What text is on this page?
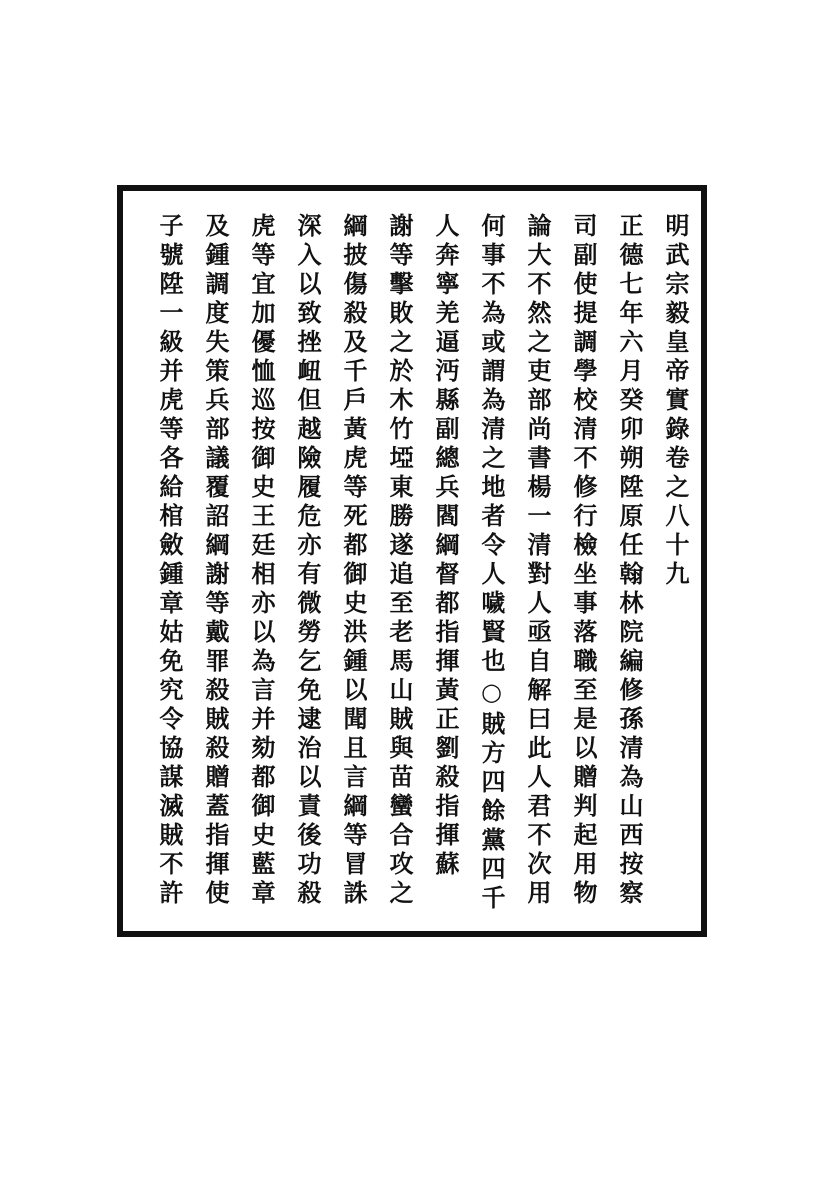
明武宗毅皇帝實錄卷之八十九

正德七年六月癸卯朔陞原任翰林院編修孫清為山西按察

司副使提調學校清不修行檢坐事落職至是以贈判起用物

論大不然之吏部尚書楊一清對人亟自解曰此人君不次用

何事不為或謂為清之地者令人噦賢也○賊方四餘黨四千

人奔寧羌逼沔縣副總兵閻綱督都指揮黃正劉殺指揮蘇

謝等擊敗之於木竹埡東勝遂追至老馬山賊與苗蠻合攻之

綱披傷殺及千戶黃虎等死都御史洪鍾以聞且言綱等冒誅

深入以致挫衄但越險履危亦有微勞乞免逮治以責後功殺

虎等宜加優恤巡按御史王廷相亦以為言并劾都御史藍章

及鍾調度失策兵部議覆詔綱謝等戴罪殺賊殺贈蓋指揮使

子號陞一級并虎等各給棺斂鍾章姑免究令協謀滅賊不許
